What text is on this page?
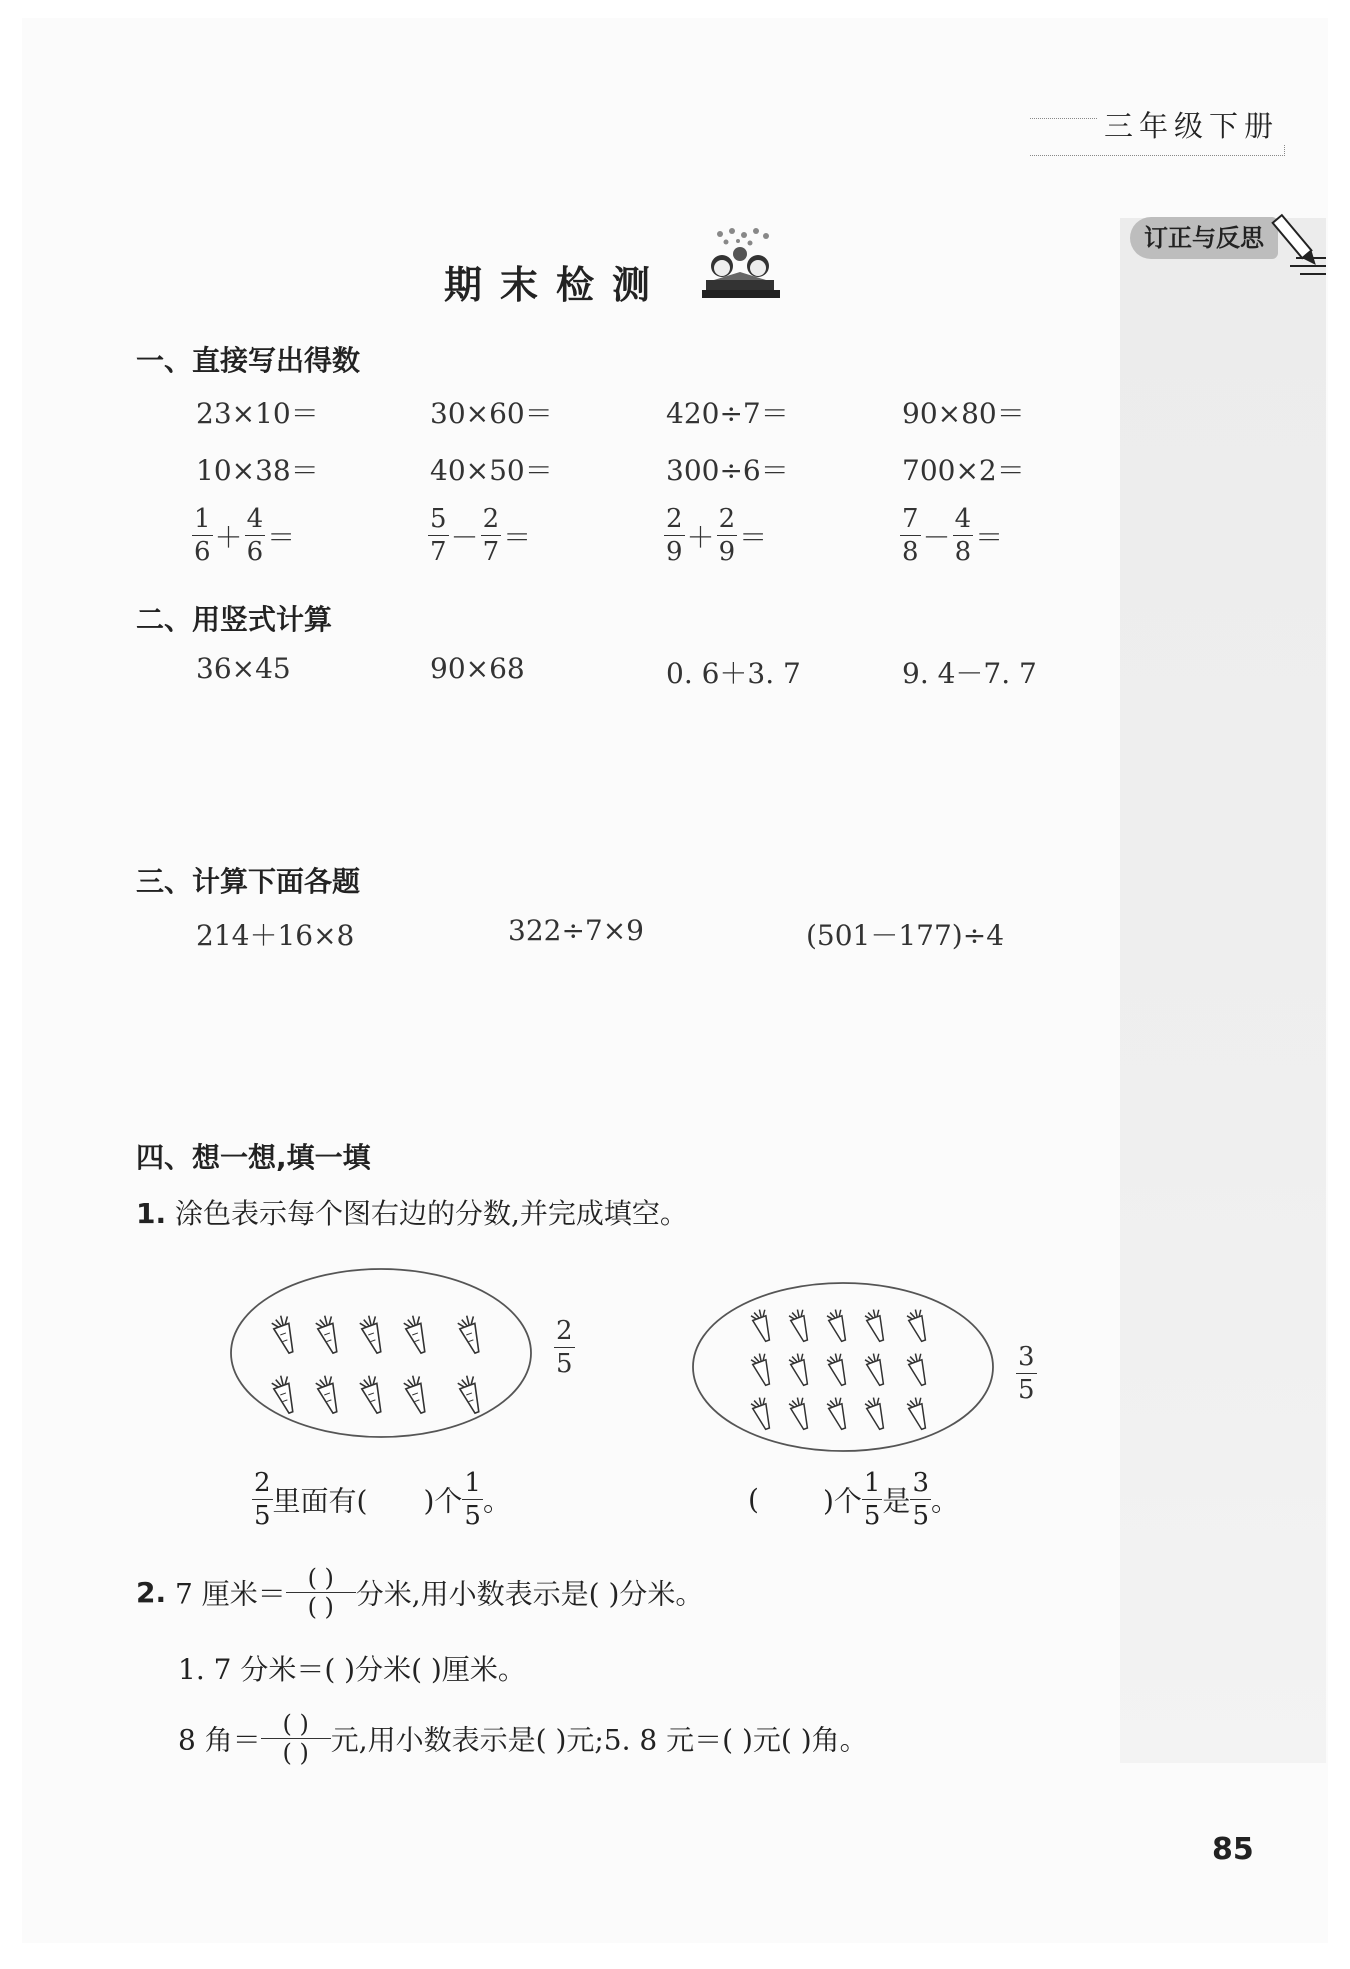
三年级下册
订正与反思
期末检测
一、直接写出得数
23×10＝	30×60＝	420÷7＝	90×80＝
10×38＝	40×50＝	300÷6＝	700×2＝
$\frac{1}{6} + \frac{4}{6}$ ＝	$\frac{5}{7} - \frac{2}{7}$ ＝	$\frac{2}{9} + \frac{2}{9}$ ＝	$\frac{7}{8} - \frac{4}{8}$ ＝
二、用竖式计算
36×45	90×68	0. 6＋3. 7	9. 4－7. 7
三、计算下面各题
214＋16×8	322÷7×9	(501－177)÷4
四、想一想,填一填
1. 涂色表示每个图右边的分数,并完成填空。
$\frac{2}{5}$	$\frac{3}{5}$
$\frac{2}{5}$ 里面有( )个 $\frac{1}{5}$ 。	( )个 $\frac{1}{5}$ 是 $\frac{3}{5}$ 。
2. 7 厘米＝ ( )
( ) 分米,用小数表示是( )分米。
1. 7 分米＝( )分米( )厘米。
8 角＝ ( )
( ) 元,用小数表示是( )元;5. 8 元＝( )元( )角。
85
